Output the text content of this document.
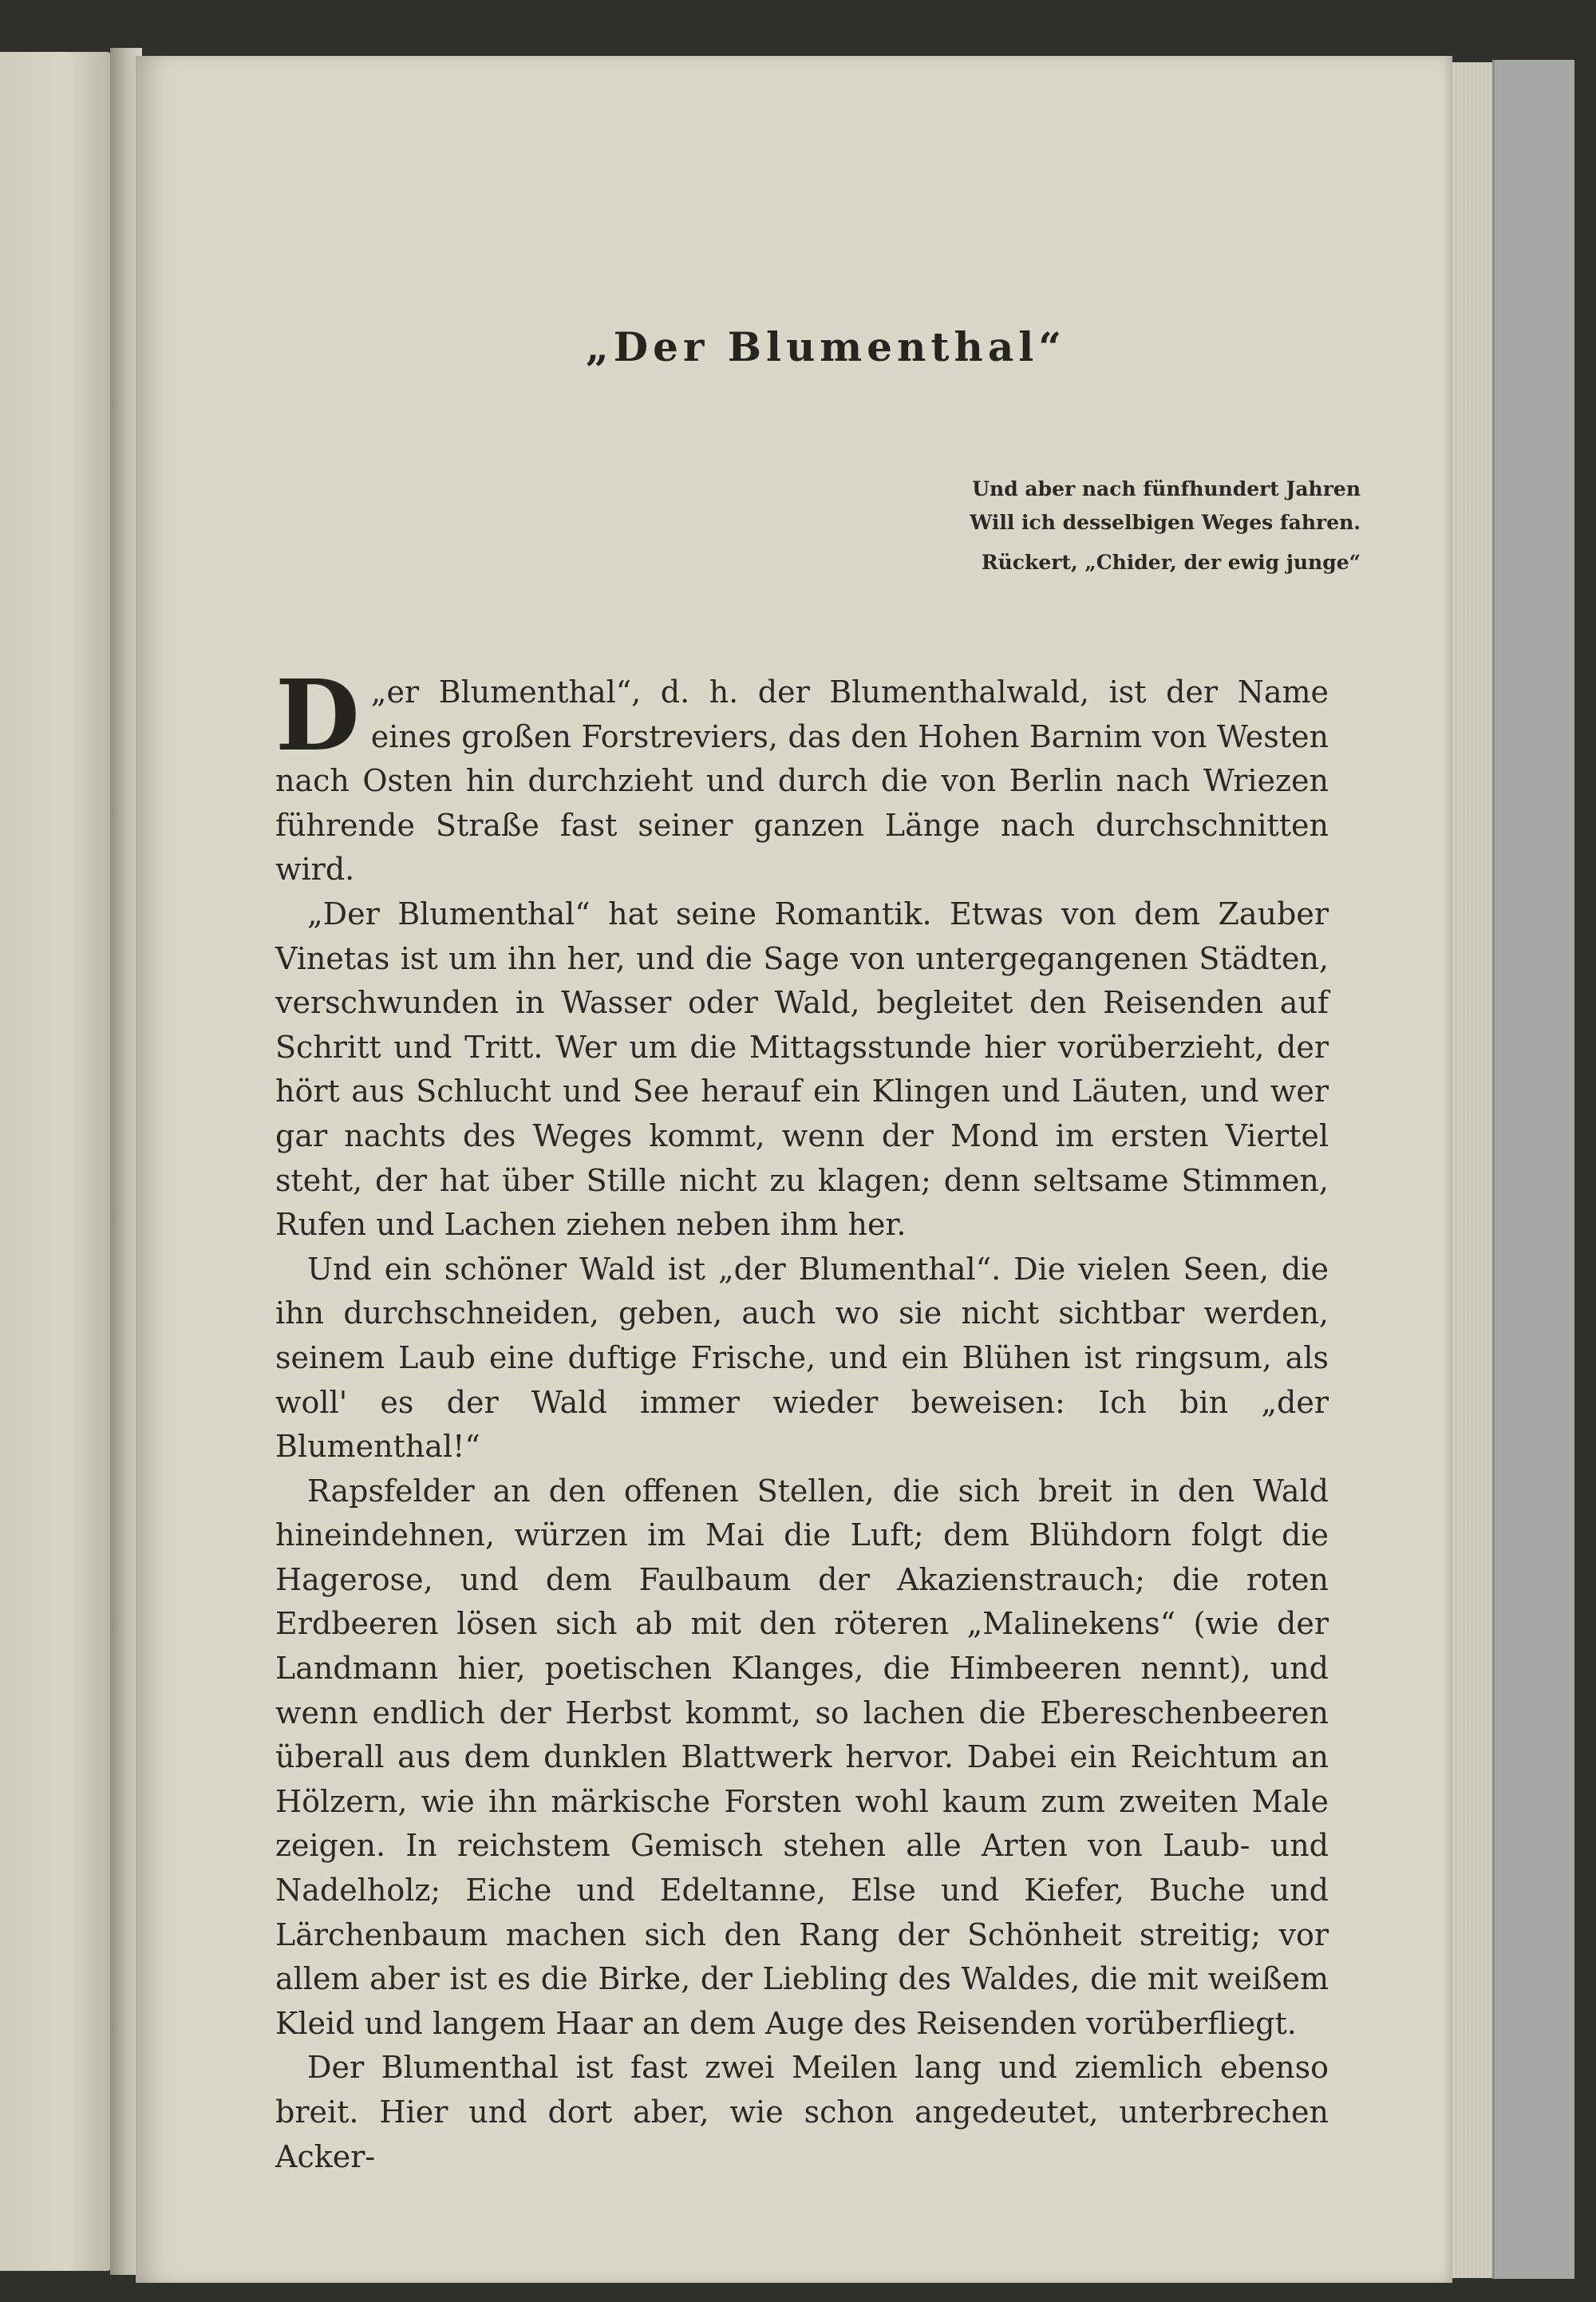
„Der Blumenthal“
Und aber nach fünfhundert Jahren
Will ich desselbigen Weges fahren.
Rückert, „Chider, der ewig junge“

D „er Blumenthal“, d. h. der Blumenthalwald, ist der Name eines großen Forstreviers, das den Hohen Barnim von Westen nach Osten hin durchzieht und durch die von Berlin nach Wriezen führende Straße fast seiner ganzen Länge nach durchschnitten wird.

„Der Blumenthal“ hat seine Romantik. Etwas von dem Zauber Vinetas ist um ihn her, und die Sage von untergegangenen Städten, verschwunden in Wasser oder Wald, begleitet den Reisenden auf Schritt und Tritt. Wer um die Mittagsstunde hier vorüberzieht, der hört aus Schlucht und See herauf ein Klingen und Läuten, und wer gar nachts des Weges kommt, wenn der Mond im ersten Viertel steht, der hat über Stille nicht zu klagen; denn seltsame Stimmen, Rufen und Lachen ziehen neben ihm her.

Und ein schöner Wald ist „der Blumenthal“. Die vielen Seen, die ihn durchschneiden, geben, auch wo sie nicht sichtbar werden, seinem Laub eine duftige Frische, und ein Blühen ist ringsum, als woll' es der Wald immer wieder beweisen: Ich bin „der Blumenthal!“

Rapsfelder an den offenen Stellen, die sich breit in den Wald hineindehnen, würzen im Mai die Luft; dem Blühdorn folgt die Hagerose, und dem Faulbaum der Akazienstrauch; die roten Erdbeeren lösen sich ab mit den röteren „Malinekens“ (wie der Landmann hier, poetischen Klanges, die Himbeeren nennt), und wenn endlich der Herbst kommt, so lachen die Ebereschenbeeren überall aus dem dunklen Blattwerk hervor. Dabei ein Reichtum an Hölzern, wie ihn märkische Forsten wohl kaum zum zweiten Male zeigen. In reichstem Gemisch stehen alle Arten von Laub- und Nadelholz; Eiche und Edeltanne, Else und Kiefer, Buche und Lärchenbaum machen sich den Rang der Schönheit streitig; vor allem aber ist es die Birke, der Liebling des Waldes, die mit weißem Kleid und langem Haar an dem Auge des Reisenden vorüberfliegt.

Der Blumenthal ist fast zwei Meilen lang und ziemlich ebenso breit. Hier und dort aber, wie schon angedeutet, unterbrechen Acker-
